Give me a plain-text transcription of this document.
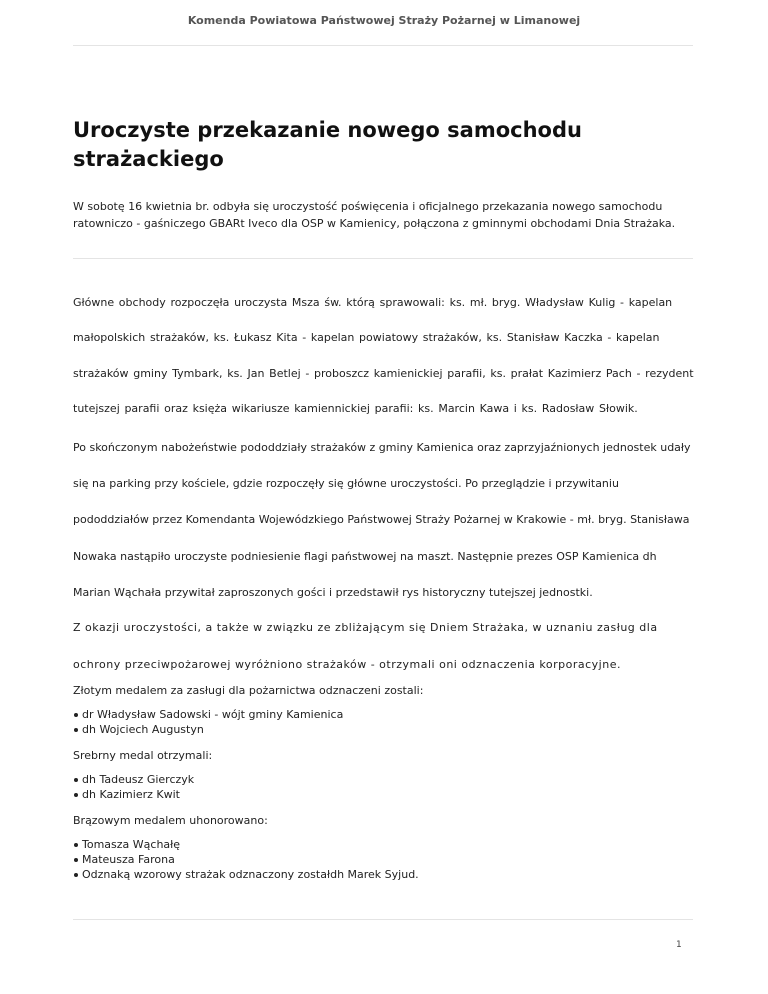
Komenda Powiatowa Państwowej Straży Pożarnej w Limanowej
Uroczyste przekazanie nowego samochodu strażackiego

W sobotę 16 kwietnia br. odbyła się uroczystość poświęcenia i oficjalnego przekazania nowego samochodu ratowniczo - gaśniczego GBARt Iveco dla OSP w Kamienicy, połączona z gminnymi obchodami Dnia Strażaka.

Główne obchody rozpoczęła uroczysta Msza św. którą sprawowali: ks. mł. bryg. Władysław Kulig - kapelan małopolskich strażaków, ks. Łukasz Kita - kapelan powiatowy strażaków, ks. Stanisław Kaczka - kapelan strażaków gminy Tymbark, ks. Jan Betlej - proboszcz kamienickiej parafii, ks. prałat Kazimierz Pach - rezydent tutejszej parafii oraz księża wikariusze kamiennickiej parafii: ks. Marcin Kawa i ks. Radosław Słowik.

Po skończonym nabożeństwie pododdziały strażaków z gminy Kamienica oraz zaprzyjaźnionych jednostek udały się na parking przy kościele, gdzie rozpoczęły się główne uroczystości. Po przeglądzie i przywitaniu pododdziałów przez Komendanta Wojewódzkiego Państwowej Straży Pożarnej w Krakowie - mł. bryg. Stanisława Nowaka nastąpiło uroczyste podniesienie flagi państwowej na maszt. Następnie prezes OSP Kamienica dh Marian Wąchała przywitał zaproszonych gości i przedstawił rys historyczny tutejszej jednostki.

Z okazji uroczystości, a także w związku ze zbliżającym się Dniem Strażaka, w uznaniu zasług dla ochrony przeciwpożarowej wyróżniono strażaków - otrzymali oni odznaczenia korporacyjne.

Złotym medalem za zasługi dla pożarnictwa odznaczeni zostali:

dr Władysław Sadowski - wójt gminy Kamienica
dh Wojciech Augustyn

Srebrny medal otrzymali:

dh Tadeusz Gierczyk
dh Kazimierz Kwit

Brązowym medalem uhonorowano:

Tomasza Wąchałę
Mateusza Farona
Odznaką wzorowy strażak odznaczony zostałdh Marek Syjud.
1
